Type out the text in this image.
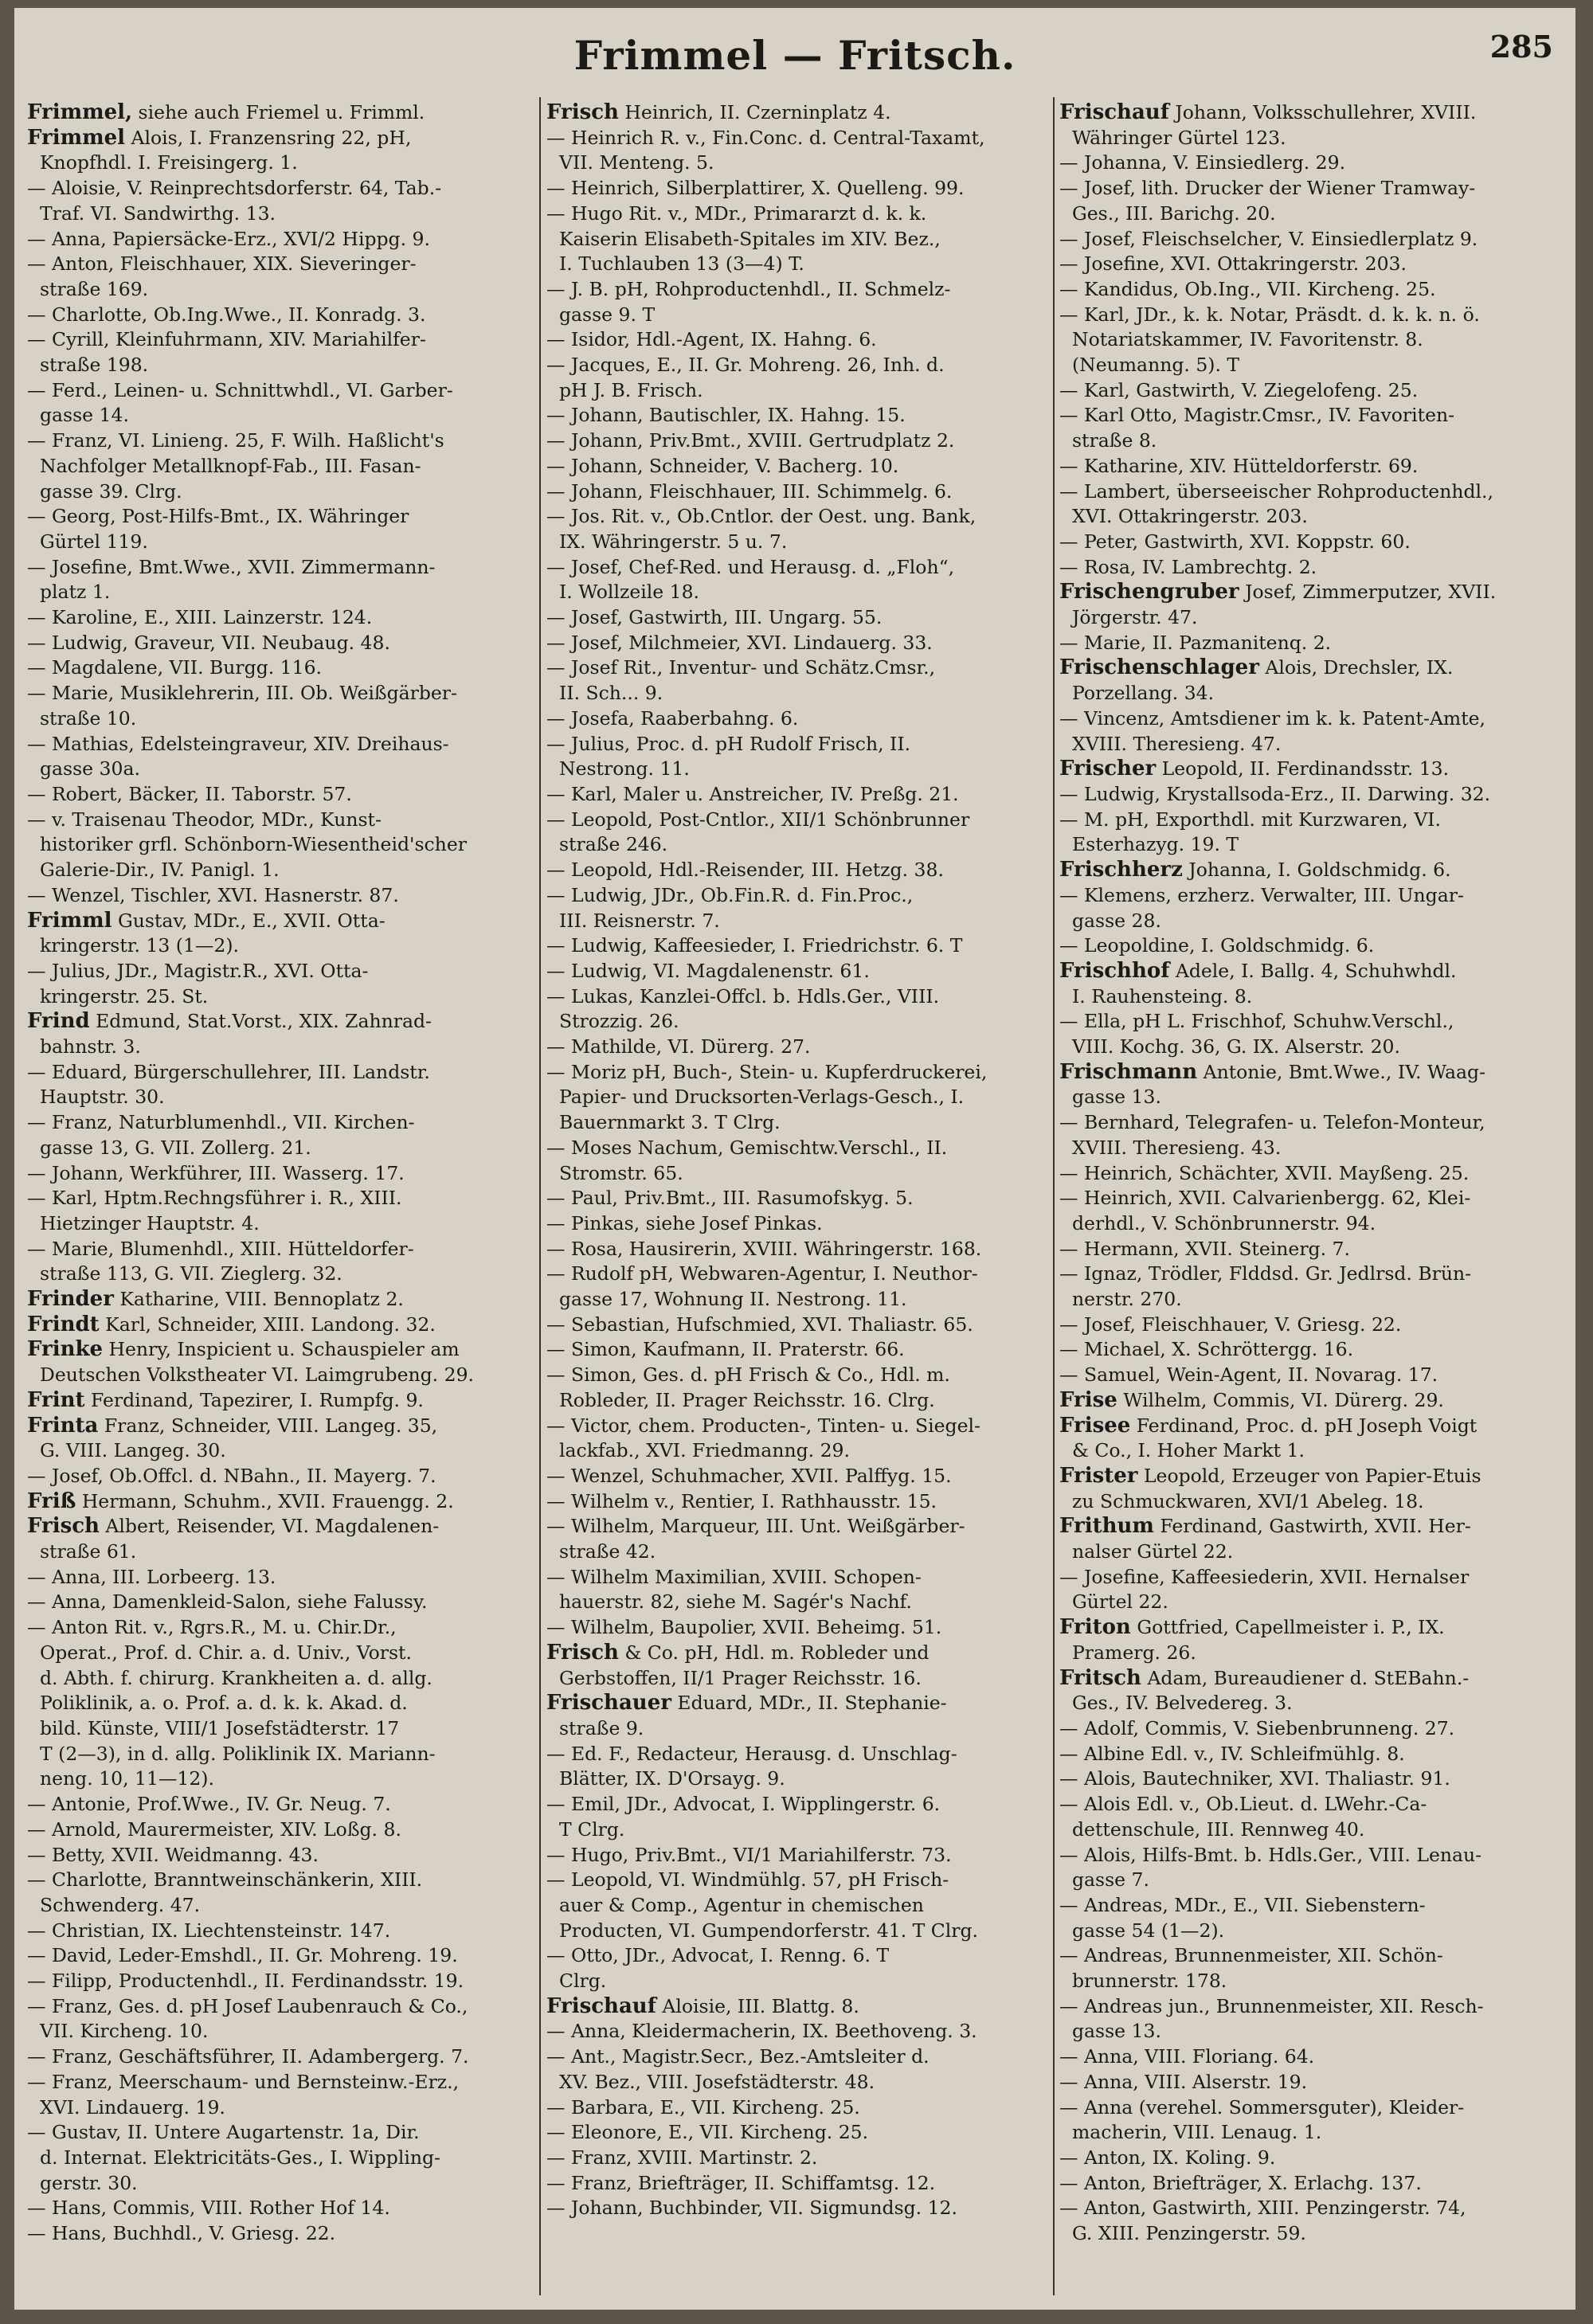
Frimmel — Fritsch.	285
Frimmel, siehe auch Friemel u. Frimml.
Frimmel Alois, I. Franzensring 22, pH,
Knopfhdl. I. Freisingerg. 1.
— Aloisie, V. Reinprechtsdorferstr. 64, Tab.-
Traf. VI. Sandwirthg. 13.
— Anna, Papiersäcke-Erz., XVI/2 Hippg. 9.
— Anton, Fleischhauer, XIX. Sieveringer-
straße 169.
— Charlotte, Ob.Ing.Wwe., II. Konradg. 3.
— Cyrill, Kleinfuhrmann, XIV. Mariahilfer-
straße 198.
— Ferd., Leinen- u. Schnittwhdl., VI. Garber-
gasse 14.
— Franz, VI. Linieng. 25, F. Wilh. Haßlicht's
Nachfolger Metallknopf-Fab., III. Fasan-
gasse 39. Clrg.
— Georg, Post-Hilfs-Bmt., IX. Währinger
Gürtel 119.
— Josefine, Bmt.Wwe., XVII. Zimmermann-
platz 1.
— Karoline, E., XIII. Lainzerstr. 124.
— Ludwig, Graveur, VII. Neubaug. 48.
— Magdalene, VII. Burgg. 116.
— Marie, Musiklehrerin, III. Ob. Weißgärber-
straße 10.
— Mathias, Edelsteingraveur, XIV. Dreihaus-
gasse 30a.
— Robert, Bäcker, II. Taborstr. 57.
— v. Traisenau Theodor, MDr., Kunst-
historiker grfl. Schönborn-Wiesentheid'scher
Galerie-Dir., IV. Panigl. 1.
— Wenzel, Tischler, XVI. Hasnerstr. 87.
Frimml Gustav, MDr., E., XVII. Otta-
kringerstr. 13 (1—2).
— Julius, JDr., Magistr.R., XVI. Otta-
kringerstr. 25. St.
Frind Edmund, Stat.Vorst., XIX. Zahnrad-
bahnstr. 3.
— Eduard, Bürgerschullehrer, III. Landstr.
Hauptstr. 30.
— Franz, Naturblumenhdl., VII. Kirchen-
gasse 13, G. VII. Zollerg. 21.
— Johann, Werkführer, III. Wasserg. 17.
— Karl, Hptm.Rechngsführer i. R., XIII.
Hietzinger Hauptstr. 4.
— Marie, Blumenhdl., XIII. Hütteldorfer-
straße 113, G. VII. Zieglerg. 32.
Frinder Katharine, VIII. Bennoplatz 2.
Frindt Karl, Schneider, XIII. Landong. 32.
Frinke Henry, Inspicient u. Schauspieler am
Deutschen Volkstheater VI. Laimgrubeng. 29.
Frint Ferdinand, Tapezirer, I. Rumpfg. 9.
Frinta Franz, Schneider, VIII. Langeg. 35,
G. VIII. Langeg. 30.
— Josef, Ob.Offcl. d. NBahn., II. Mayerg. 7.
Friß Hermann, Schuhm., XVII. Frauengg. 2.
Frisch Albert, Reisender, VI. Magdalenen-
straße 61.
— Anna, III. Lorbeerg. 13.
— Anna, Damenkleid-Salon, siehe Falussy.
— Anton Rit. v., Rgrs.R., M. u. Chir.Dr.,
Operat., Prof. d. Chir. a. d. Univ., Vorst.
d. Abth. f. chirurg. Krankheiten a. d. allg.
Poliklinik, a. o. Prof. a. d. k. k. Akad. d.
bild. Künste, VIII/1 Josefstädterstr. 17
T (2—3), in d. allg. Poliklinik IX. Mariann-
neng. 10, 11—12).
— Antonie, Prof.Wwe., IV. Gr. Neug. 7.
— Arnold, Maurermeister, XIV. Loßg. 8.
— Betty, XVII. Weidmanng. 43.
— Charlotte, Branntweinschänkerin, XIII.
Schwenderg. 47.
— Christian, IX. Liechtensteinstr. 147.
— David, Leder-Emshdl., II. Gr. Mohreng. 19.
— Filipp, Productenhdl., II. Ferdinandsstr. 19.
— Franz, Ges. d. pH Josef Laubenrauch & Co.,
VII. Kircheng. 10.
— Franz, Geschäftsführer, II. Adambergerg. 7.
— Franz, Meerschaum- und Bernsteinw.-Erz.,
XVI. Lindauerg. 19.
— Gustav, II. Untere Augartenstr. 1a, Dir.
d. Internat. Elektricitäts-Ges., I. Wippling-
gerstr. 30.
— Hans, Commis, VIII. Rother Hof 14.
— Hans, Buchhdl., V. Griesg. 22.
Frisch Heinrich, II. Czerninplatz 4.
— Heinrich R. v., Fin.Conc. d. Central-Taxamt,
VII. Menteng. 5.
— Heinrich, Silberplattirer, X. Quelleng. 99.
— Hugo Rit. v., MDr., Primararzt d. k. k.
Kaiserin Elisabeth-Spitales im XIV. Bez.,
I. Tuchlauben 13 (3—4) T.
— J. B. pH, Rohproductenhdl., II. Schmelz-
gasse 9. T
— Isidor, Hdl.-Agent, IX. Hahng. 6.
— Jacques, E., II. Gr. Mohreng. 26, Inh. d.
pH J. B. Frisch.
— Johann, Bautischler, IX. Hahng. 15.
— Johann, Priv.Bmt., XVIII. Gertrudplatz 2.
— Johann, Schneider, V. Bacherg. 10.
— Johann, Fleischhauer, III. Schimmelg. 6.
— Jos. Rit. v., Ob.Cntlor. der Oest. ung. Bank,
IX. Währingerstr. 5 u. 7.
— Josef, Chef-Red. und Herausg. d. „Floh“,
I. Wollzeile 18.
— Josef, Gastwirth, III. Ungarg. 55.
— Josef, Milchmeier, XVI. Lindauerg. 33.
— Josef Rit., Inventur- und Schätz.Cmsr.,
II. Sch... 9.
— Josefa, Raaberbahng. 6.
— Julius, Proc. d. pH Rudolf Frisch, II.
Nestrong. 11.
— Karl, Maler u. Anstreicher, IV. Preßg. 21.
— Leopold, Post-Cntlor., XII/1 Schönbrunner
straße 246.
— Leopold, Hdl.-Reisender, III. Hetzg. 38.
— Ludwig, JDr., Ob.Fin.R. d. Fin.Proc.,
III. Reisnerstr. 7.
— Ludwig, Kaffeesieder, I. Friedrichstr. 6. T
— Ludwig, VI. Magdalenenstr. 61.
— Lukas, Kanzlei-Offcl. b. Hdls.Ger., VIII.
Strozzig. 26.
— Mathilde, VI. Dürerg. 27.
— Moriz pH, Buch-, Stein- u. Kupferdruckerei,
Papier- und Drucksorten-Verlags-Gesch., I.
Bauernmarkt 3. T Clrg.
— Moses Nachum, Gemischtw.Verschl., II.
Stromstr. 65.
— Paul, Priv.Bmt., III. Rasumofskyg. 5.
— Pinkas, siehe Josef Pinkas.
— Rosa, Hausirerin, XVIII. Währingerstr. 168.
— Rudolf pH, Webwaren-Agentur, I. Neuthor-
gasse 17, Wohnung II. Nestrong. 11.
— Sebastian, Hufschmied, XVI. Thaliastr. 65.
— Simon, Kaufmann, II. Praterstr. 66.
— Simon, Ges. d. pH Frisch & Co., Hdl. m.
Robleder, II. Prager Reichsstr. 16. Clrg.
— Victor, chem. Producten-, Tinten- u. Siegel-
lackfab., XVI. Friedmanng. 29.
— Wenzel, Schuhmacher, XVII. Palffyg. 15.
— Wilhelm v., Rentier, I. Rathhausstr. 15.
— Wilhelm, Marqueur, III. Unt. Weißgärber-
straße 42.
— Wilhelm Maximilian, XVIII. Schopen-
hauerstr. 82, siehe M. Sagér's Nachf.
— Wilhelm, Baupolier, XVII. Beheimg. 51.
Frisch & Co. pH, Hdl. m. Robleder und
Gerbstoffen, II/1 Prager Reichsstr. 16.
Frischauer Eduard, MDr., II. Stephanie-
straße 9.
— Ed. F., Redacteur, Herausg. d. Unschlag-
Blätter, IX. D'Orsayg. 9.
— Emil, JDr., Advocat, I. Wipplingerstr. 6.
T Clrg.
— Hugo, Priv.Bmt., VI/1 Mariahilferstr. 73.
— Leopold, VI. Windmühlg. 57, pH Frisch-
auer & Comp., Agentur in chemischen
Producten, VI. Gumpendorferstr. 41. T Clrg.
— Otto, JDr., Advocat, I. Renng. 6. T
Clrg.
Frischauf Aloisie, III. Blattg. 8.
— Anna, Kleidermacherin, IX. Beethoveng. 3.
— Ant., Magistr.Secr., Bez.-Amtsleiter d.
XV. Bez., VIII. Josefstädterstr. 48.
— Barbara, E., VII. Kircheng. 25.
— Eleonore, E., VII. Kircheng. 25.
— Franz, XVIII. Martinstr. 2.
— Franz, Briefträger, II. Schiffamtsg. 12.
— Johann, Buchbinder, VII. Sigmundsg. 12.
Frischauf Johann, Volksschullehrer, XVIII.
Währinger Gürtel 123.
— Johanna, V. Einsiedlerg. 29.
— Josef, lith. Drucker der Wiener Tramway-
Ges., III. Barichg. 20.
— Josef, Fleischselcher, V. Einsiedlerplatz 9.
— Josefine, XVI. Ottakringerstr. 203.
— Kandidus, Ob.Ing., VII. Kircheng. 25.
— Karl, JDr., k. k. Notar, Präsdt. d. k. k. n. ö.
Notariatskammer, IV. Favoritenstr. 8.
(Neumanng. 5). T
— Karl, Gastwirth, V. Ziegelofeng. 25.
— Karl Otto, Magistr.Cmsr., IV. Favoriten-
straße 8.
— Katharine, XIV. Hütteldorferstr. 69.
— Lambert, überseeischer Rohproductenhdl.,
XVI. Ottakringerstr. 203.
— Peter, Gastwirth, XVI. Koppstr. 60.
— Rosa, IV. Lambrechtg. 2.
Frischengruber Josef, Zimmerputzer, XVII.
Jörgerstr. 47.
— Marie, II. Pazmanitenq. 2.
Frischenschlager Alois, Drechsler, IX.
Porzellang. 34.
— Vincenz, Amtsdiener im k. k. Patent-Amte,
XVIII. Theresieng. 47.
Frischer Leopold, II. Ferdinandsstr. 13.
— Ludwig, Krystallsoda-Erz., II. Darwing. 32.
— M. pH, Exporthdl. mit Kurzwaren, VI.
Esterhazyg. 19. T
Frischherz Johanna, I. Goldschmidg. 6.
— Klemens, erzherz. Verwalter, III. Ungar-
gasse 28.
— Leopoldine, I. Goldschmidg. 6.
Frischhof Adele, I. Ballg. 4, Schuhwhdl.
I. Rauhensteing. 8.
— Ella, pH L. Frischhof, Schuhw.Verschl.,
VIII. Kochg. 36, G. IX. Alserstr. 20.
Frischmann Antonie, Bmt.Wwe., IV. Waag-
gasse 13.
— Bernhard, Telegrafen- u. Telefon-Monteur,
XVIII. Theresieng. 43.
— Heinrich, Schächter, XVII. Mayßeng. 25.
— Heinrich, XVII. Calvarienbergg. 62, Klei-
derhdl., V. Schönbrunnerstr. 94.
— Hermann, XVII. Steinerg. 7.
— Ignaz, Trödler, Flddsd. Gr. Jedlrsd. Brün-
nerstr. 270.
— Josef, Fleischhauer, V. Griesg. 22.
— Michael, X. Schröttergg. 16.
— Samuel, Wein-Agent, II. Novarag. 17.
Frise Wilhelm, Commis, VI. Dürerg. 29.
Frisee Ferdinand, Proc. d. pH Joseph Voigt
& Co., I. Hoher Markt 1.
Frister Leopold, Erzeuger von Papier-Etuis
zu Schmuckwaren, XVI/1 Abeleg. 18.
Frithum Ferdinand, Gastwirth, XVII. Her-
nalser Gürtel 22.
— Josefine, Kaffeesiederin, XVII. Hernalser
Gürtel 22.
Friton Gottfried, Capellmeister i. P., IX.
Pramerg. 26.
Fritsch Adam, Bureaudiener d. StEBahn.-
Ges., IV. Belvedereg. 3.
— Adolf, Commis, V. Siebenbrunneng. 27.
— Albine Edl. v., IV. Schleifmühlg. 8.
— Alois, Bautechniker, XVI. Thaliastr. 91.
— Alois Edl. v., Ob.Lieut. d. LWehr.-Ca-
dettenschule, III. Rennweg 40.
— Alois, Hilfs-Bmt. b. Hdls.Ger., VIII. Lenau-
gasse 7.
— Andreas, MDr., E., VII. Siebenstern-
gasse 54 (1—2).
— Andreas, Brunnenmeister, XII. Schön-
brunnerstr. 178.
— Andreas jun., Brunnenmeister, XII. Resch-
gasse 13.
— Anna, VIII. Floriang. 64.
— Anna, VIII. Alserstr. 19.
— Anna (verehel. Sommersguter), Kleider-
macherin, VIII. Lenaug. 1.
— Anton, IX. Koling. 9.
— Anton, Briefträger, X. Erlachg. 137.
— Anton, Gastwirth, XIII. Penzingerstr. 74,
G. XIII. Penzingerstr. 59.
